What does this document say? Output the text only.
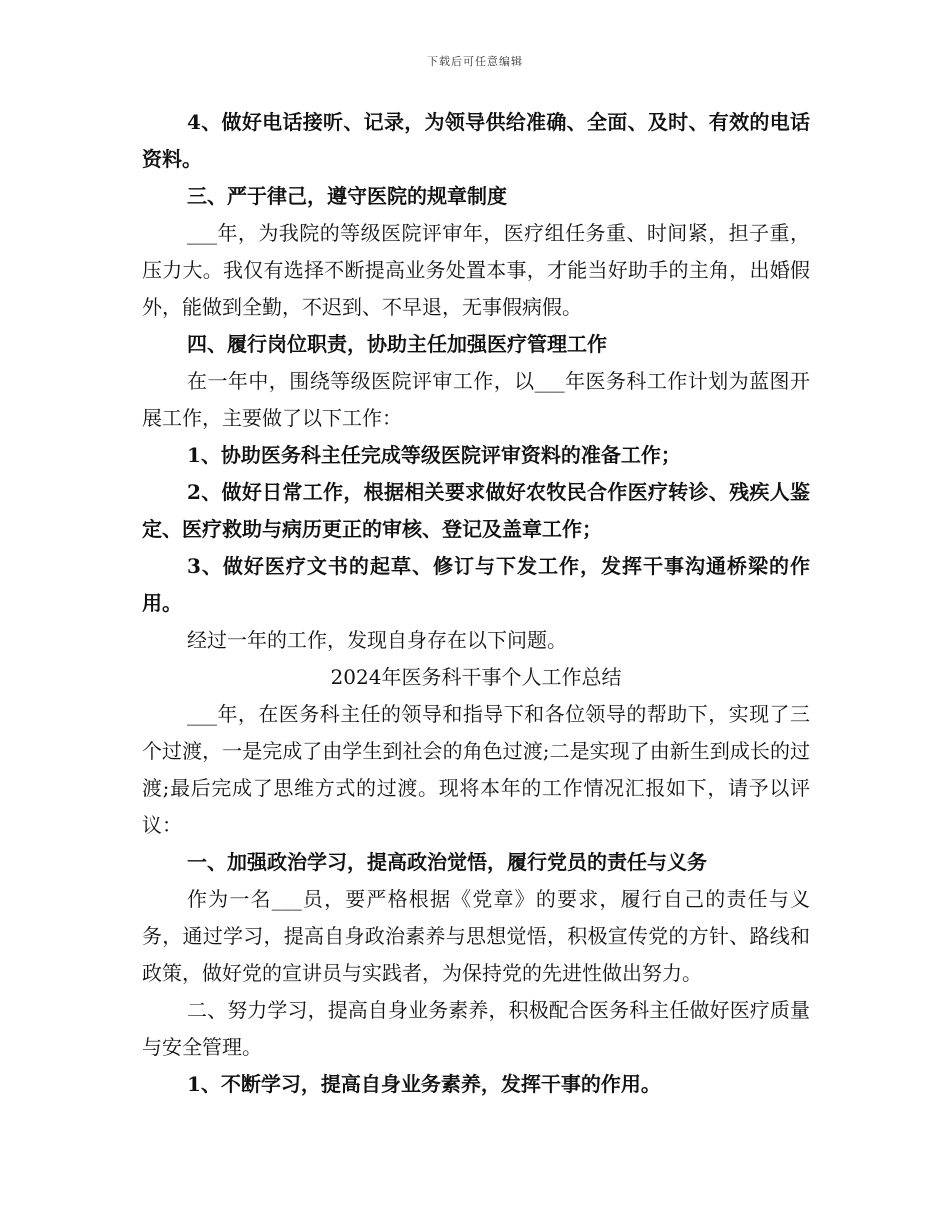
下载后可任意编辑

4、做好电话接听、记录，为领导供给准确、全面、及时、有效的电话资料。

三、严于律己，遵守医院的规章制度

___年，为我院的等级医院评审年，医疗组任务重、时间紧，担子重，压力大。我仅有选择不断提高业务处置本事，才能当好助手的主角，出婚假外，能做到全勤，不迟到、不早退，无事假病假。

四、履行岗位职责，协助主任加强医疗管理工作

在一年中，围绕等级医院评审工作，以___年医务科工作计划为蓝图开展工作，主要做了以下工作：

1、协助医务科主任完成等级医院评审资料的准备工作；

2、做好日常工作，根据相关要求做好农牧民合作医疗转诊、残疾人鉴定、医疗救助与病历更正的审核、登记及盖章工作；

3、做好医疗文书的起草、修订与下发工作，发挥干事沟通桥梁的作用。

经过一年的工作，发现自身存在以下问题。

2024年医务科干事个人工作总结

___年，在医务科主任的领导和指导下和各位领导的帮助下，实现了三个过渡，一是完成了由学生到社会的角色过渡;二是实现了由新生到成长的过渡;最后完成了思维方式的过渡。现将本年的工作情况汇报如下，请予以评议：

一、加强政治学习，提高政治觉悟，履行党员的责任与义务

作为一名___员，要严格根据《党章》的要求，履行自己的责任与义务，通过学习，提高自身政治素养与思想觉悟，积极宣传党的方针、路线和政策，做好党的宣讲员与实践者，为保持党的先进性做出努力。

二、努力学习，提高自身业务素养，积极配合医务科主任做好医疗质量与安全管理。

1、不断学习，提高自身业务素养，发挥干事的作用。
